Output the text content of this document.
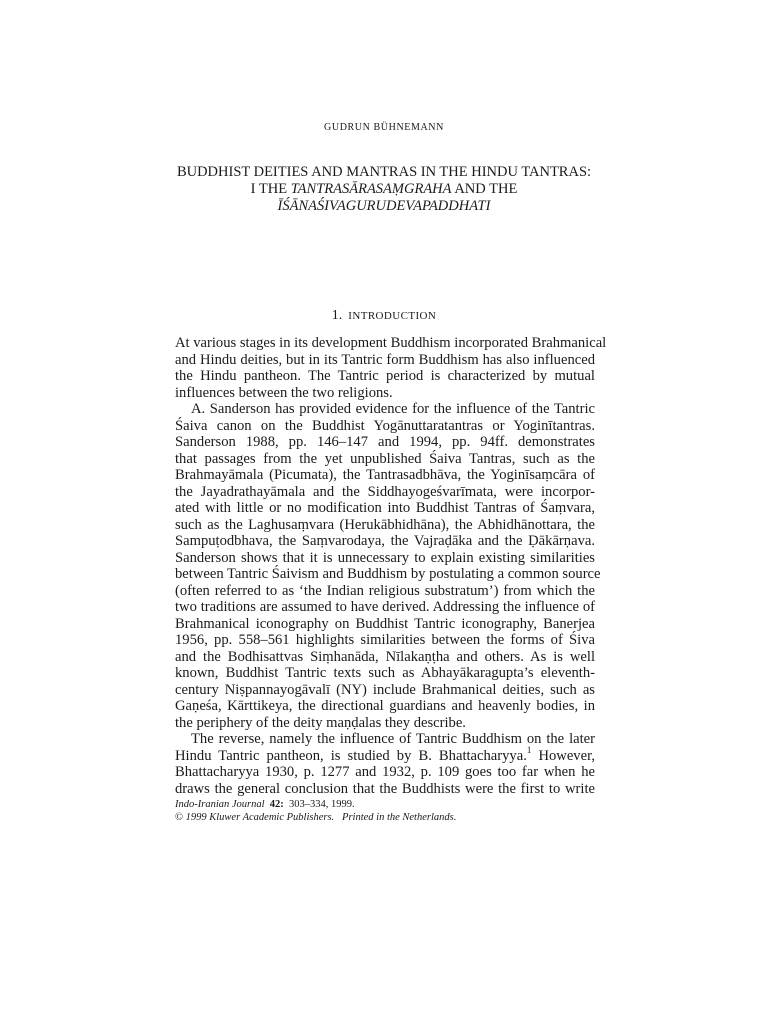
GUDRUN BÜHNEMANN
BUDDHIST DEITIES AND MANTRAS IN THE HINDU TANTRAS:
I THE TANTRASĀRASAṂGRAHA AND THE
ĪŚĀNAŚIVAGURUDEVAPADDHATI
1. INTRODUCTION
At various stages in its development Buddhism incorporated Brahmanical
and Hindu deities, but in its Tantric form Buddhism has also influenced
the Hindu pantheon. The Tantric period is characterized by mutual
influences between the two religions.
A. Sanderson has provided evidence for the influence of the Tantric
Śaiva canon on the Buddhist Yogānuttaratantras or Yoginītantras.
Sanderson 1988, pp. 146–147 and 1994, pp. 94ff. demonstrates
that passages from the yet unpublished Śaiva Tantras, such as the
Brahmayāmala (Picumata), the Tantrasadbhāva, the Yoginīsaṃcāra of
the Jayadrathayāmala and the Siddhayogeśvarīmata, were incorpor-
ated with little or no modification into Buddhist Tantras of Śaṃvara,
such as the Laghusaṃvara (Herukābhidhāna), the Abhidhānottara, the
Sampuṭodbhava, the Saṃvarodaya, the Vajraḍāka and the Ḍākārṇava.
Sanderson shows that it is unnecessary to explain existing similarities
between Tantric Śaivism and Buddhism by postulating a common source
(often referred to as ‘the Indian religious substratum’) from which the
two traditions are assumed to have derived. Addressing the influence of
Brahmanical iconography on Buddhist Tantric iconography, Banerjea
1956, pp. 558–561 highlights similarities between the forms of Śiva
and the Bodhisattvas Siṃhanāda, Nīlakaṇṭha and others. As is well
known, Buddhist Tantric texts such as Abhayākaragupta’s eleventh-
century Niṣpannayogāvalī (NY) include Brahmanical deities, such as
Gaṇeśa, Kārttikeya, the directional guardians and heavenly bodies, in
the periphery of the deity maṇḍalas they describe.
The reverse, namely the influence of Tantric Buddhism on the later
Hindu Tantric pantheon, is studied by B. Bhattacharyya.$^1$ However,
Bhattacharyya 1930, p. 1277 and 1932, p. 109 goes too far when he
draws the general conclusion that the Buddhists were the first to write
Indo-Iranian Journal 42: 303–334, 1999.
© 1999 Kluwer Academic Publishers. Printed in the Netherlands.
